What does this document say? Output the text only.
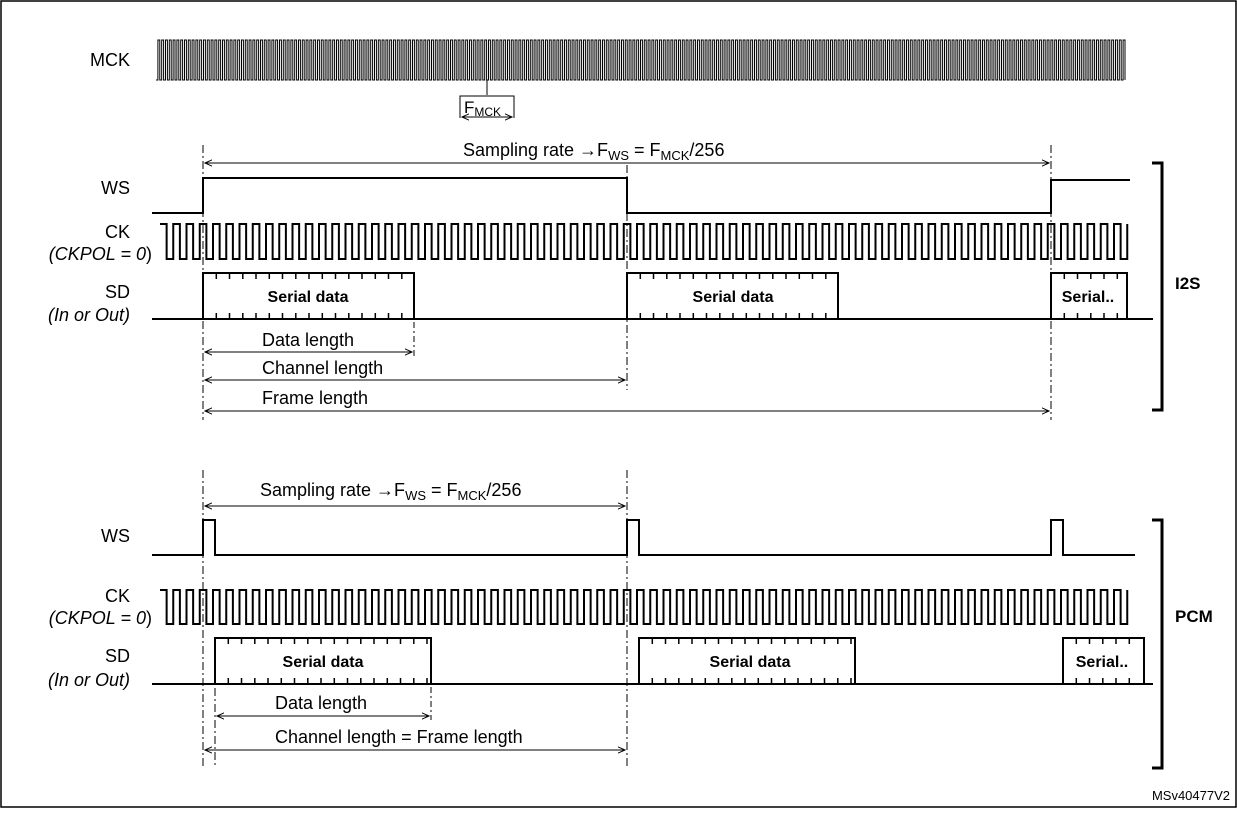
MCK
FMCK
Sampling rate $\to F_{WS} = F_{MCK}/256$
WS
CK
(CKPOL = 0)
SD
(In or Out)
Serial data	Serial data	Serial..
Data length
Channel length
Frame length
I2S
Sampling rate $\to F_{WS} = F_{MCK}/256$
WS
CK
(CKPOL = 0)
SD
(In or Out)
Serial data	Serial data	Serial..
Data length
Channel length = Frame length
PCM
MSv40477V2
